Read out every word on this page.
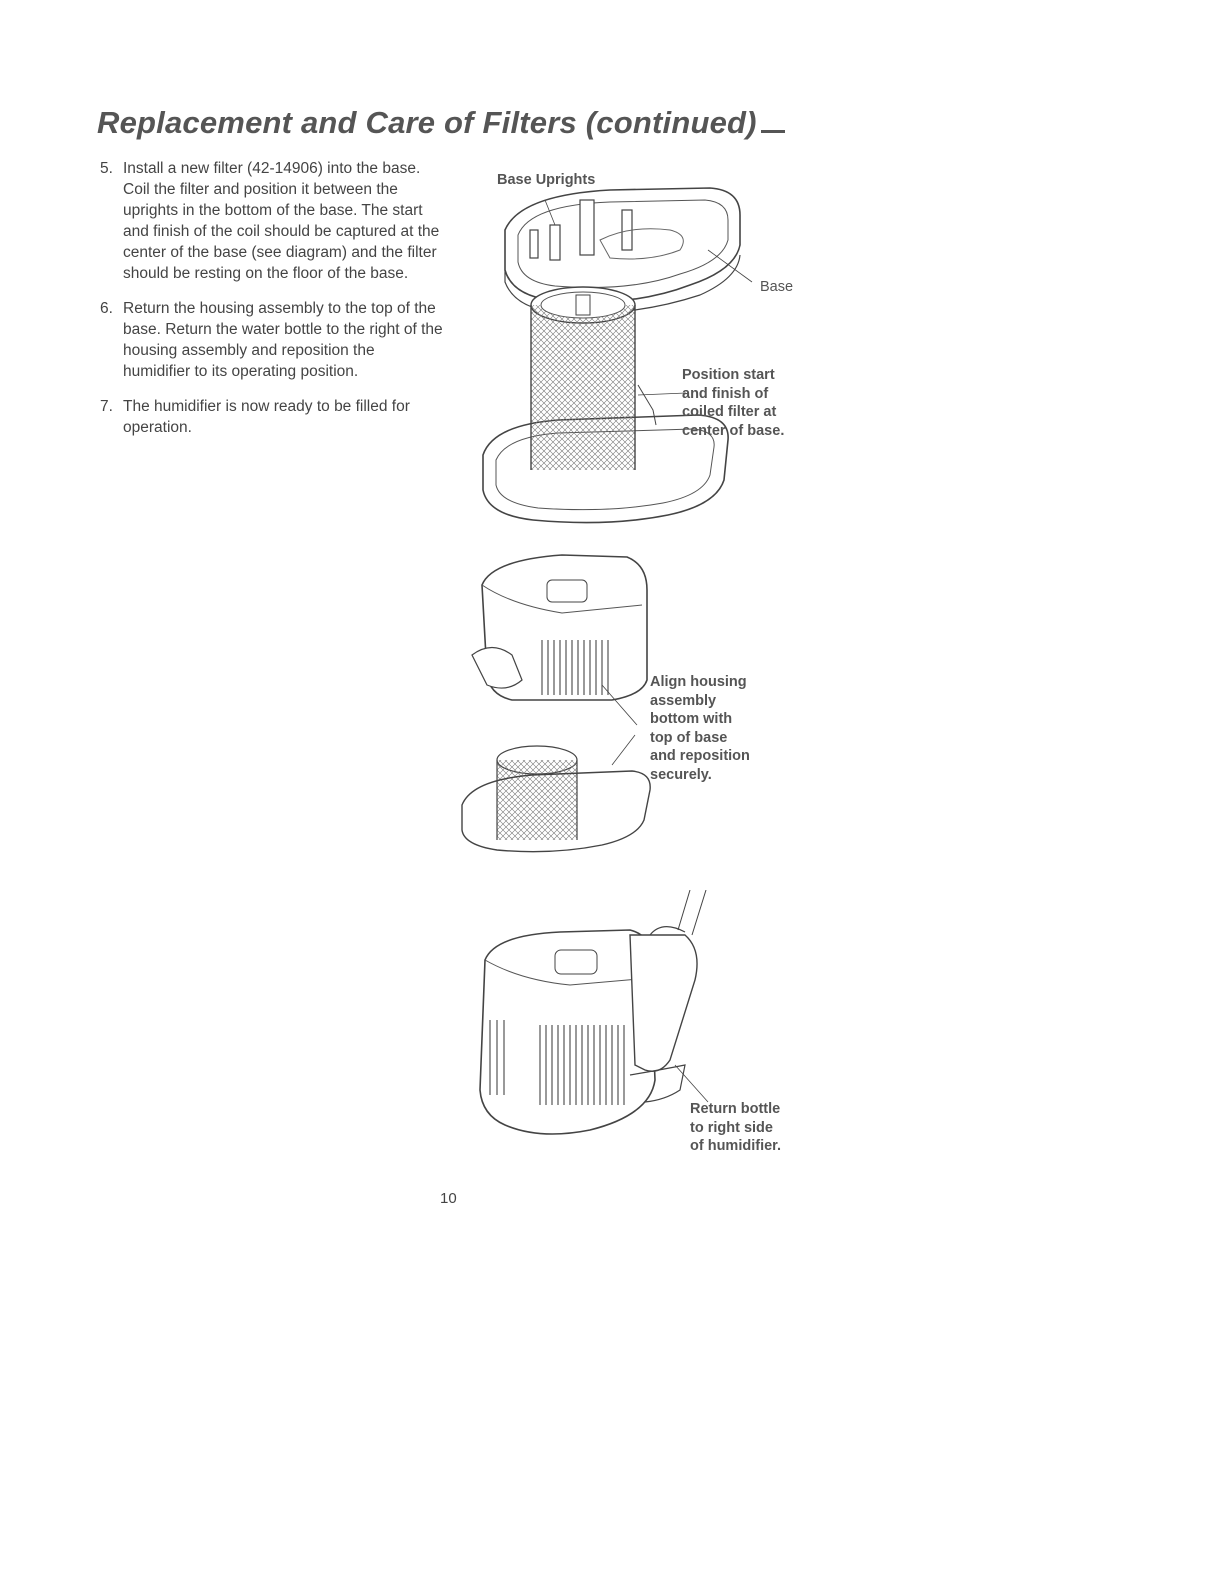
Replacement and Care of Filters (continued)
5. Install a new filter (42-14906) into the base. Coil the filter and position it between the uprights in the bottom of the base. The start and finish of the coil should be captured at the center of the base (see diagram) and the filter should be resting on the floor of the base.
6. Return the housing assembly to the top of the base. Return the water bottle to the right of the housing assembly and reposition the humidifier to its operating position.
7. The humidifier is now ready to be filled for operation.
Base Uprights
Base
Position start
and finish of
coiled filter at
center of base.
Align housing
assembly
bottom with
top of base
and reposition
securely.
Return bottle
to right side
of humidifier.
10
